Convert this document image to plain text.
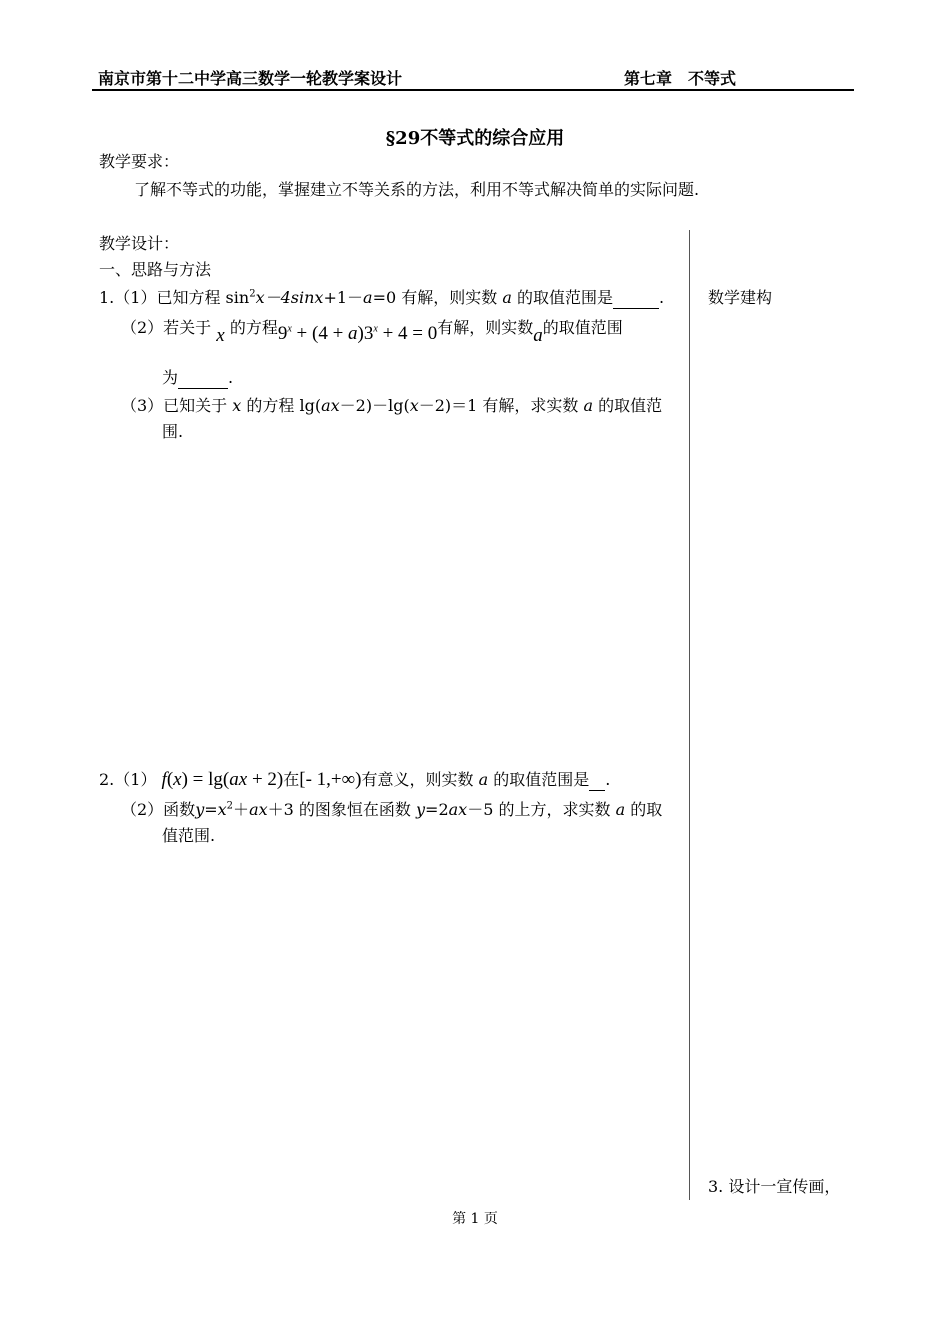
南京市第十二中学高三数学一轮教学案设计	第七章　不等式
§29不等式的综合应用
教学要求：
了解不等式的功能，掌握建立不等关系的方法，利用不等式解决简单的实际问题.
教学设计：
一、思路与方法
1.（1）已知方程 $\sin^2x-4\sin x+1-a=0$ 有解，则实数 a 的取值范围是	.
（2）若关于 x 的方程$9^x + (4 + a)3^x + 4 = 0$有解，则实数a的取值范围
为	.
（3）已知关于 x 的方程 lg(ax－2)－lg(x－2)＝1 有解，求实数 a 的取值范
围.
2.（1） f(x) = lg(ax + 2)在[- 1,+∞)有意义，则实数 a 的取值范围是 .
（2）函数$y=x^2+ax+3$ 的图象恒在函数 y=2ax－5 的上方，求实数 a 的取
值范围.
数学建构
3. 设计一宣传画，
第 1 页
